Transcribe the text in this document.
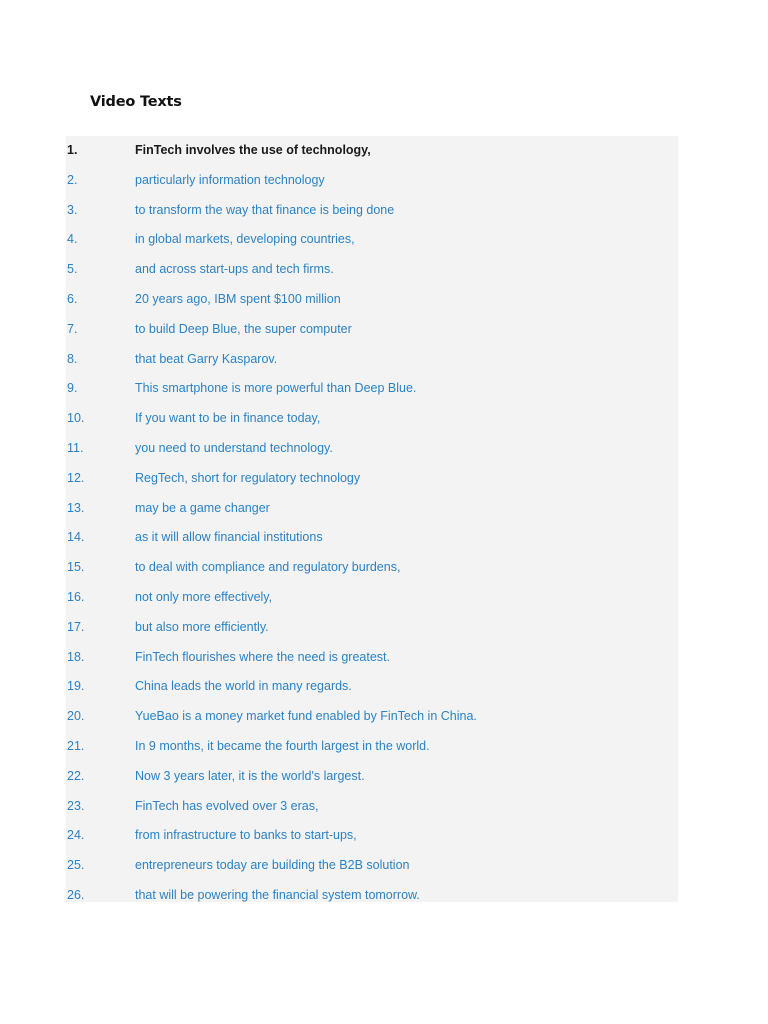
Video Texts
1.	FinTech involves the use of technology,
2.	particularly information technology
3.	to transform the way that finance is being done
4.	in global markets, developing countries,
5.	and across start-ups and tech firms.
6.	20 years ago, IBM spent $100 million
7.	to build Deep Blue, the super computer
8.	that beat Garry Kasparov.
9.	This smartphone is more powerful than Deep Blue.
10.	If you want to be in finance today,
11.	you need to understand technology.
12.	RegTech, short for regulatory technology
13.	may be a game changer
14.	as it will allow financial institutions
15.	to deal with compliance and regulatory burdens,
16.	not only more effectively,
17.	but also more efficiently.
18.	FinTech flourishes where the need is greatest.
19.	China leads the world in many regards.
20.	YueBao is a money market fund enabled by FinTech in China.
21.	In 9 months, it became the fourth largest in the world.
22.	Now 3 years later, it is the world's largest.
23.	FinTech has evolved over 3 eras,
24.	from infrastructure to banks to start-ups,
25.	entrepreneurs today are building the B2B solution
26.	that will be powering the financial system tomorrow.
